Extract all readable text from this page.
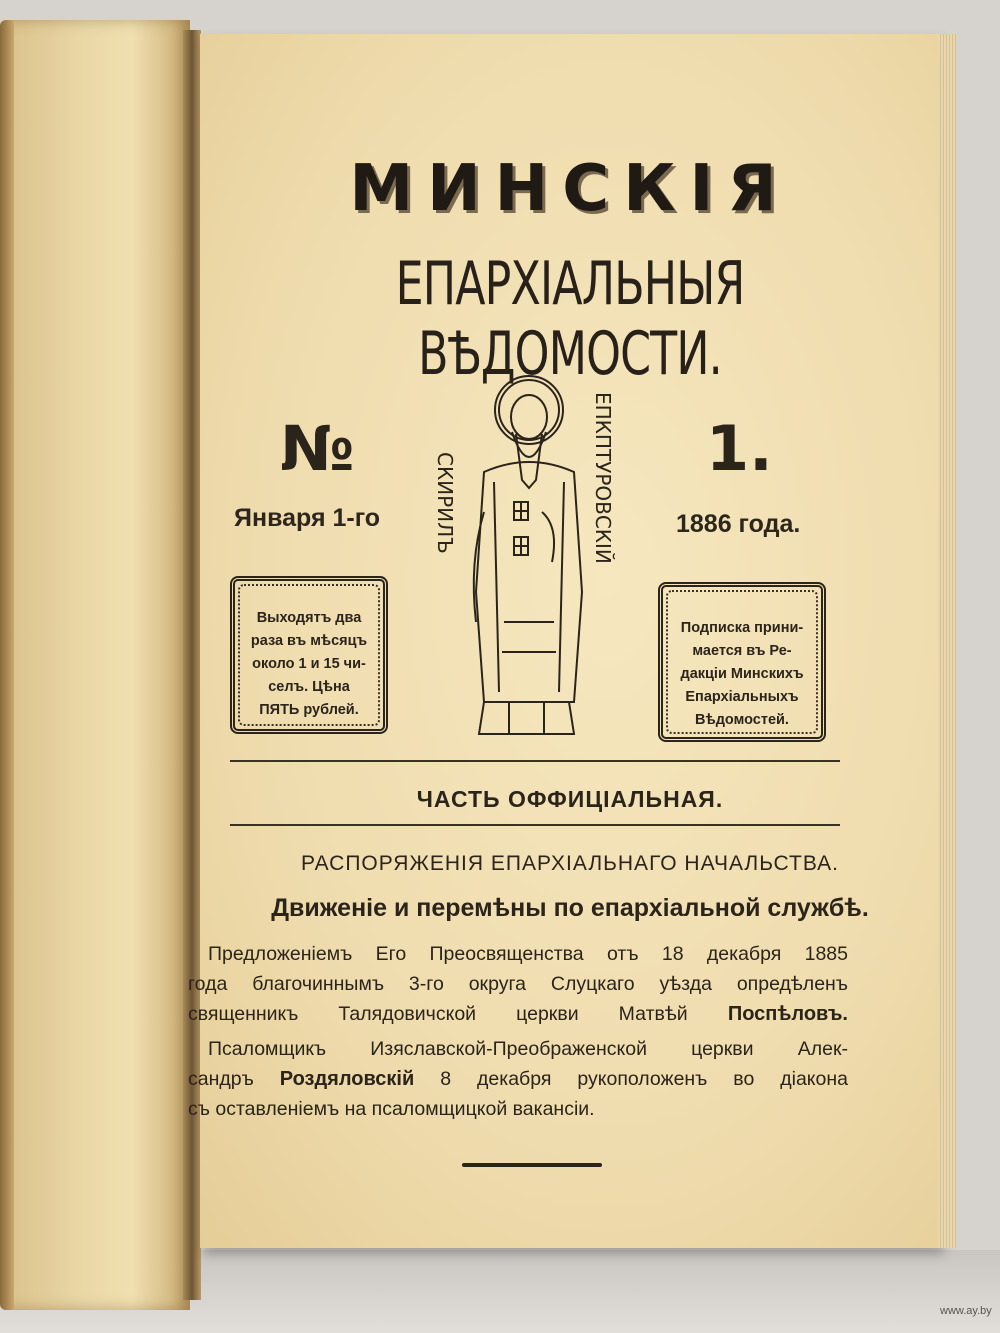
МИНСКІЯ
ЕПАРХІАЛЬНЫЯ ВѢДОМОСТИ.
№	1.
Января 1-го	1886 года.
СКИРИЛЪ	ЕПКПТУРОВСКІЙ
Выходятъ два
раза въ мѣсяцъ
около 1 и 15 чи-
селъ. Цѣна
ПЯТЬ рублей.
Подписка прини-
мается въ Ре-
дакціи Минскихъ
Епархіальныхъ
Вѣдомостей.
ЧАСТЬ ОФФИЦІАЛЬНАЯ.
РАСПОРЯЖЕНІЯ ЕПАРХІАЛЬНАГО НАЧАЛЬСТВА.
Движеніе и перемѣны по епархіальной службѣ.
Предложеніемъ Его Преосвященства отъ 18 декабря 1885
года благочиннымъ 3-го округа Слуцкаго уѣзда опредѣленъ
священникъ Талядовичской церкви Матвѣй Поспѣловъ.
Псаломщикъ Изяславской-Преображенской церкви Алек-
сандръ Роздяловскій 8 декабря рукоположенъ во діакона
съ оставленіемъ на псаломщицкой вакансіи.
www.ay.by
